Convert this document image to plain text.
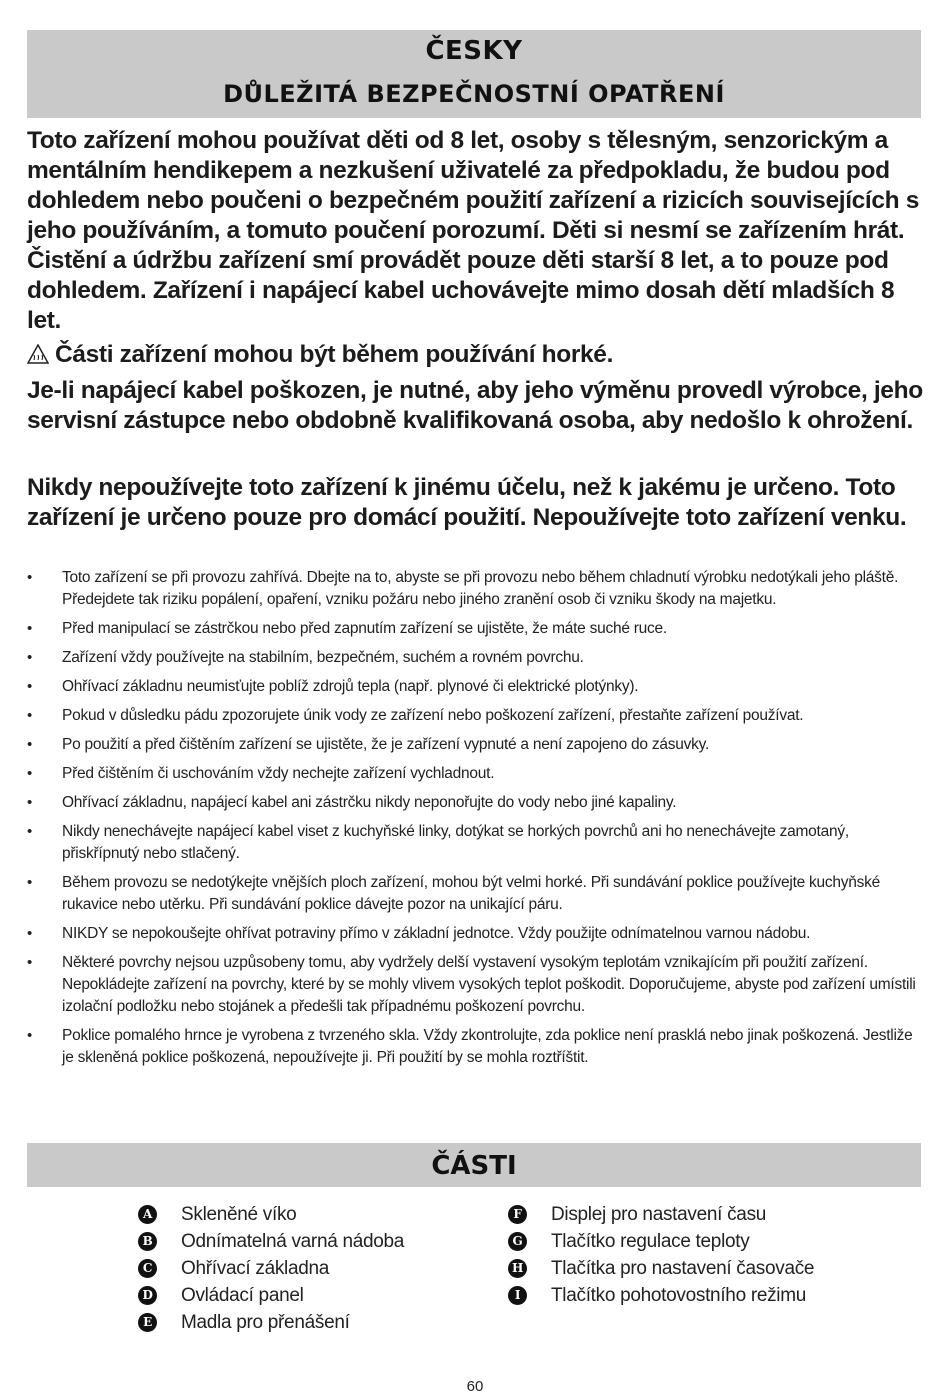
ČESKY
DŮLEŽITÁ BEZPEČNOSTNÍ OPATŘENÍ
Toto zařízení mohou používat děti od 8 let, osoby s tělesným, senzorickým a mentálním hendikepem a nezkušení uživatelé za předpokladu, že budou pod dohledem nebo poučeni o bezpečném použití zařízení a rizicích souvisejících s jeho používáním, a tomuto poučení porozumí. Děti si nesmí se zařízením hrát. Čistění a údržbu zařízení smí provádět pouze děti starší 8 let, a to pouze pod dohledem. Zařízení i napájecí kabel uchovávejte mimo dosah dětí mladších 8 let.
Části zařízení mohou být během používání horké.
Je-li napájecí kabel poškozen, je nutné, aby jeho výměnu provedl výrobce, jeho servisní zástupce nebo obdobně kvalifikovaná osoba, aby nedošlo k ohrožení.
Nikdy nepoužívejte toto zařízení k jinému účelu, než k jakému je určeno. Toto zařízení je určeno pouze pro domácí použití. Nepoužívejte toto zařízení venku.
•	Toto zařízení se při provozu zahřívá. Dbejte na to, abyste se při provozu nebo během chladnutí výrobku nedotýkali jeho pláště. Předejdete tak riziku popálení, opaření, vzniku požáru nebo jiného zranění osob či vzniku škody na majetku.
•	Před manipulací se zástrčkou nebo před zapnutím zařízení se ujistěte, že máte suché ruce.
•	Zařízení vždy používejte na stabilním, bezpečném, suchém a rovném povrchu.
•	Ohřívací základnu neumisťujte poblíž zdrojů tepla (např. plynové či elektrické plotýnky).
•	Pokud v důsledku pádu zpozorujete únik vody ze zařízení nebo poškození zařízení, přestaňte zařízení používat.
•	Po použití a před čištěním zařízení se ujistěte, že je zařízení vypnuté a není zapojeno do zásuvky.
•	Před čištěním či uschováním vždy nechejte zařízení vychladnout.
•	Ohřívací základnu, napájecí kabel ani zástrčku nikdy neponořujte do vody nebo jiné kapaliny.
•	Nikdy nenechávejte napájecí kabel viset z kuchyňské linky, dotýkat se horkých povrchů ani ho nenechávejte zamotaný, přiskřípnutý nebo stlačený.
•	Během provozu se nedotýkejte vnějších ploch zařízení, mohou být velmi horké. Při sundávání poklice používejte kuchyňské rukavice nebo utěrku. Při sundávání poklice dávejte pozor na unikající páru.
•	NIKDY se nepokoušejte ohřívat potraviny přímo v základní jednotce. Vždy použijte odnímatelnou varnou nádobu.
•	Některé povrchy nejsou uzpůsobeny tomu, aby vydržely delší vystavení vysokým teplotám vznikajícím při použití zařízení. Nepokládejte zařízení na povrchy, které by se mohly vlivem vysokých teplot poškodit. Doporučujeme, abyste pod zařízení umístili izolační podložku nebo stojánek a předešli tak případnému poškození povrchu.
•	Poklice pomalého hrnce je vyrobena z tvrzeného skla. Vždy zkontrolujte, zda poklice není prasklá nebo jinak poškozená. Jestliže je skleněná poklice poškozená, nepoužívejte ji. Při použití by se mohla roztříštit.
ČÁSTI
A Skleněné víko
B Odnímatelná varná nádoba
C Ohřívací základna
D Ovládací panel
E Madla pro přenášení
F Displej pro nastavení času
G Tlačítko regulace teploty
H Tlačítka pro nastavení časovače
I	Tlačítko pohotovostního režimu
60
